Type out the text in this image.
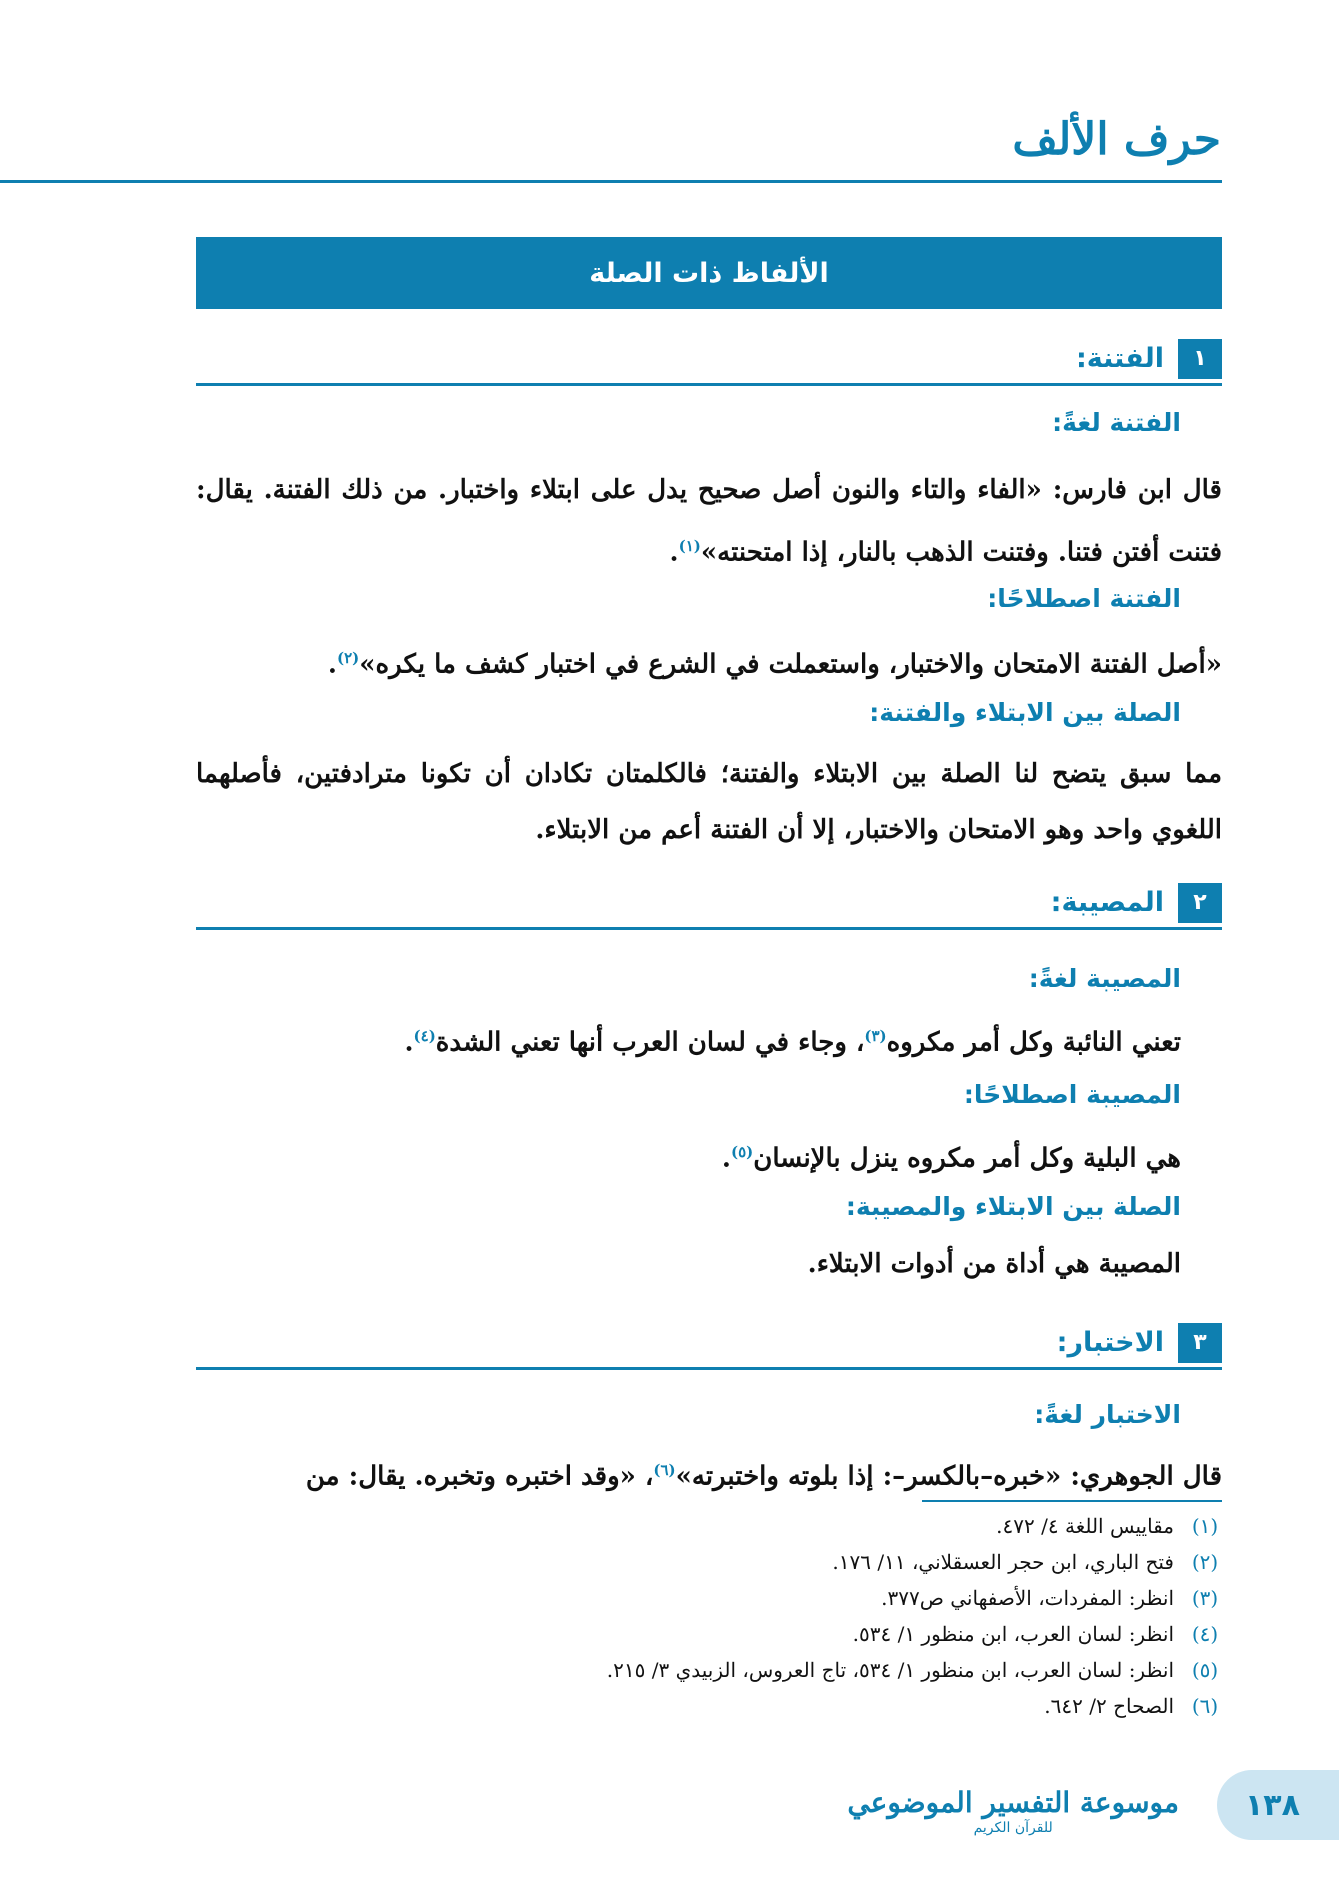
حرف الألف
الألفاظ ذات الصلة
١
الفتنة:
الفتنة لغةً:
قال ابن فارس: «الفاء والتاء والنون أصل صحيح يدل على ابتلاء واختبار. من ذلك الفتنة. يقال: فتنت أفتن فتنا. وفتنت الذهب بالنار، إذا امتحنته»$^{(١)}$.
الفتنة اصطلاحًا:
«أصل الفتنة الامتحان والاختبار، واستعملت في الشرع في اختبار كشف ما يكره»$^{(٢)}$.
الصلة بين الابتلاء والفتنة:
مما سبق يتضح لنا الصلة بين الابتلاء والفتنة؛ فالكلمتان تكادان أن تكونا مترادفتين، فأصلهما اللغوي واحد وهو الامتحان والاختبار، إلا أن الفتنة أعم من الابتلاء.
٢
المصيبة:
المصيبة لغةً:
تعني النائبة وكل أمر مكروه$^{(٣)}$، وجاء في لسان العرب أنها تعني الشدة$^{(٤)}$.
المصيبة اصطلاحًا:
هي البلية وكل أمر مكروه ينزل بالإنسان$^{(٥)}$.
الصلة بين الابتلاء والمصيبة:
المصيبة هي أداة من أدوات الابتلاء.
٣
الاختبار:
الاختبار لغةً:
قال الجوهري: «خبره–بالكسر–: إذا بلوته واختبرته»$^{(٦)}$، «وقد اختبره وتخبره. يقال: من
(١)
مقاييس اللغة ٤/ ٤٧٢.
(٢)
فتح الباري، ابن حجر العسقلاني، ١١/ ١٧٦.
(٣)
انظر: المفردات، الأصفهاني ص٣٧٧.
(٤)
انظر: لسان العرب، ابن منظور ١/ ٥٣٤.
(٥)
انظر: لسان العرب، ابن منظور ١/ ٥٣٤، تاج العروس، الزبيدي ٣/ ٢١٥.
(٦)
الصحاح ٢/ ٦٤٢.
موسوعة التفسير الموضوعي
للقرآن الكريم
١٣٨
